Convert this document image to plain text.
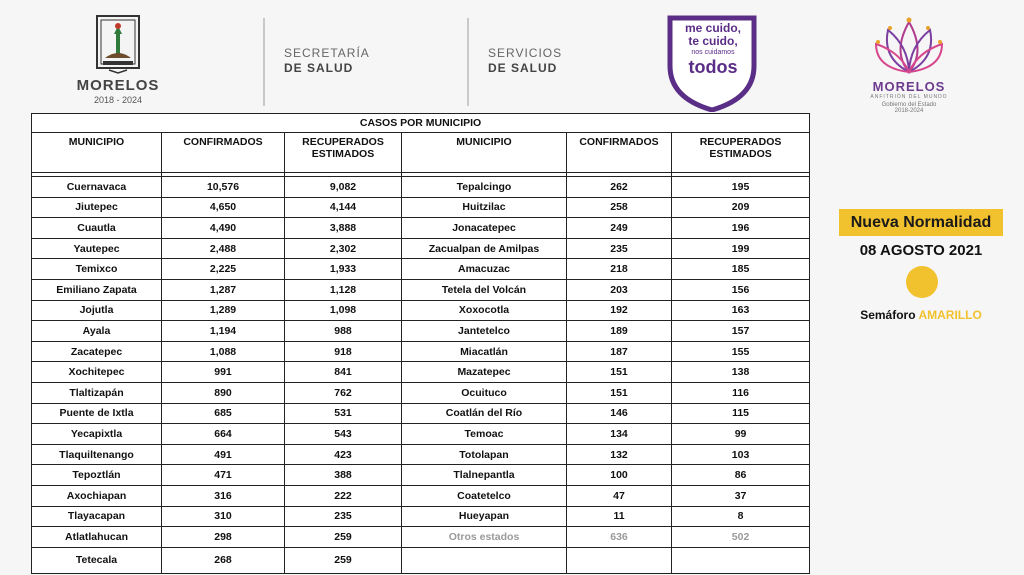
MORELOS
2018 - 2024
SECRETARÍA
DE SALUD
SERVICIOS
DE SALUD
me cuido,
te cuido,
nos cuidamos
todos
MORELOS
ANFITRIÓN DEL MUNDO
Gobierno del Estado
2018-2024
CASOS POR MUNICIPIO					
MUNICIPIO	CONFIRMADOS	RECUPERADOS ESTIMADOS	MUNICIPIO	CONFIRMADOS	RECUPERADOS ESTIMADOS

Cuernavaca	10,576	9,082	Tepalcingo	262	195
Jiutepec	4,650	4,144	Huitzilac	258	209
Cuautla	4,490	3,888	Jonacatepec	249	196
Yautepec	2,488	2,302	Zacualpan de Amilpas	235	199
Temixco	2,225	1,933	Amacuzac	218	185
Emiliano Zapata	1,287	1,128	Tetela del Volcán	203	156
Jojutla	1,289	1,098	Xoxocotla	192	163
Ayala	1,194	988	Jantetelco	189	157
Zacatepec	1,088	918	Miacatlán	187	155
Xochitepec	991	841	Mazatepec	151	138
Tlaltizapán	890	762	Ocuituco	151	116
Puente de Ixtla	685	531	Coatlán del Río	146	115
Yecapixtla	664	543	Temoac	134	99
Tlaquiltenango	491	423	Totolapan	132	103
Tepoztlán	471	388	Tlalnepantla	100	86
Axochiapan	316	222	Coatetelco	47	37
Tlayacapan	310	235	Hueyapan	11	8
Atlatlahucan	298	259	Otros estados	636	502
Tetecala	268	259			
Nueva Normalidad
08 AGOSTO 2021
Semáforo AMARILLO
